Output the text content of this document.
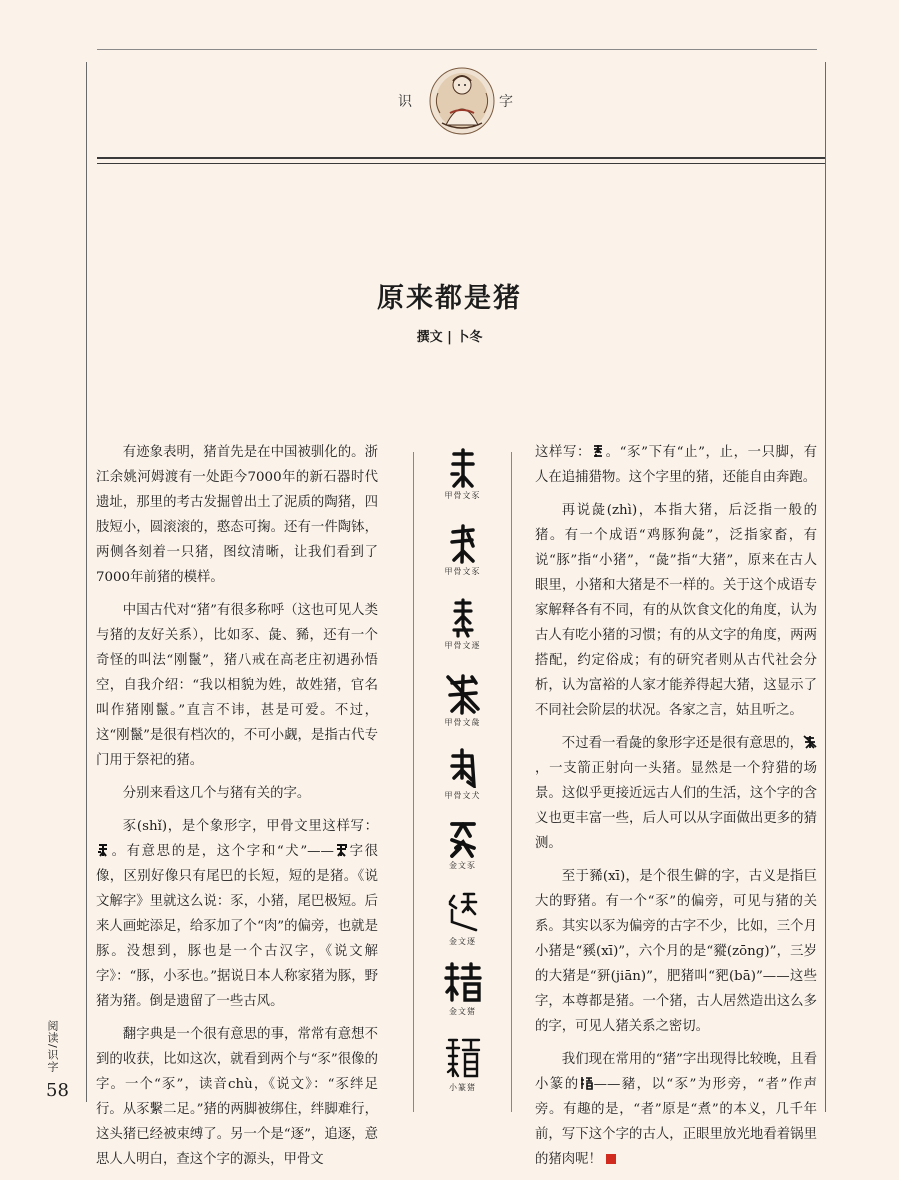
识	字
原来都是猪
撰文 | 卜冬

有迹象表明，猪首先是在中国被驯化的。浙江余姚河姆渡有一处距今7000年的新石器时代遗址，那里的考古发掘曾出土了泥质的陶猪，四肢短小，圆滚滚的，憨态可掬。还有一件陶钵，两侧各刻着一只猪，图纹清晰，让我们看到了7000年前猪的模样。

中国古代对“猪”有很多称呼（这也可见人类与猪的友好关系），比如豕、彘、豨，还有一个奇怪的叫法“刚鬣”，猪八戒在高老庄初遇孙悟空，自我介绍：“我以相貌为姓，故姓猪，官名叫作猪刚鬣。”直言不讳，甚是可爱。不过，这“刚鬣”是很有档次的，不可小觑，是指古代专门用于祭祀的猪。

分别来看这几个与猪有关的字。

豕(shǐ)，是个象形字，甲骨文里这样写：。有意思的是，这个字和“犬”—— 字很像，区别好像只有尾巴的长短，短的是猪。《说文解字》里就这么说：豕，小猪，尾巴极短。后来人画蛇添足，给豕加了个“肉”的偏旁，也就是豚。没想到，豚也是一个古汉字，《说文解字》：“豚，小豕也。”据说日本人称家猪为豚，野猪为猪。倒是遗留了一些古风。

翻字典是一个很有意思的事，常常有意想不到的收获，比如这次，就看到两个与“豕”很像的字。一个“豕”，读音chù，《说文》：“豕绊足行。从豕繫二足。”猪的两脚被绑住，绊脚难行，这头猪已经被束缚了。另一个是“逐”，追逐，意思人人明白，查这个字的源头，甲骨文

甲骨文豕
甲骨文豕
甲骨文逐
甲骨文彘
甲骨文犬
金文豕
金文逐
金文猪
小篆猪

这样写： 。“豕”下有“止”，止，一只脚，有人在追捕猎物。这个字里的猪，还能自由奔跑。

再说彘(zhì)，本指大猪，后泛指一般的猪。有一个成语“鸡豚狗彘”，泛指家畜，有说“豚”指“小猪”，“彘”指“大猪”，原来在古人眼里，小猪和大猪是不一样的。关于这个成语专家解释各有不同，有的从饮食文化的角度，认为古人有吃小猪的习惯；有的从文字的角度，两两搭配，约定俗成；有的研究者则从古代社会分析，认为富裕的人家才能养得起大猪，这显示了不同社会阶层的状况。各家之言，姑且听之。

不过看一看彘的象形字还是很有意思的，，一支箭正射向一头猪。显然是一个狩猎的场景。这似乎更接近远古人们的生活，这个字的含义也更丰富一些，后人可以从字面做出更多的猜测。

至于豨(xī)，是个很生僻的字，古义是指巨大的野猪。有一个“豕”的偏旁，可见与猪的关系。其实以豕为偏旁的古字不少，比如，三个月小猪是“豯(xī)”，六个月的是“豵(zōng)”，三岁的大猪是“豜(jiān)”，肥猪叫“豝(bā)”——这些字，本尊都是猪。一个猪，古人居然造出这么多的字，可见人猪关系之密切。

我们现在常用的“猪”字出现得比较晚，且看小篆的 ——豬，以“豕”为形旁，“者”作声旁。有趣的是，“者”原是“煮”的本义，几千年前，写下这个字的古人，正眼里放光地看着锅里的猪肉呢！

阅读/识字
58
